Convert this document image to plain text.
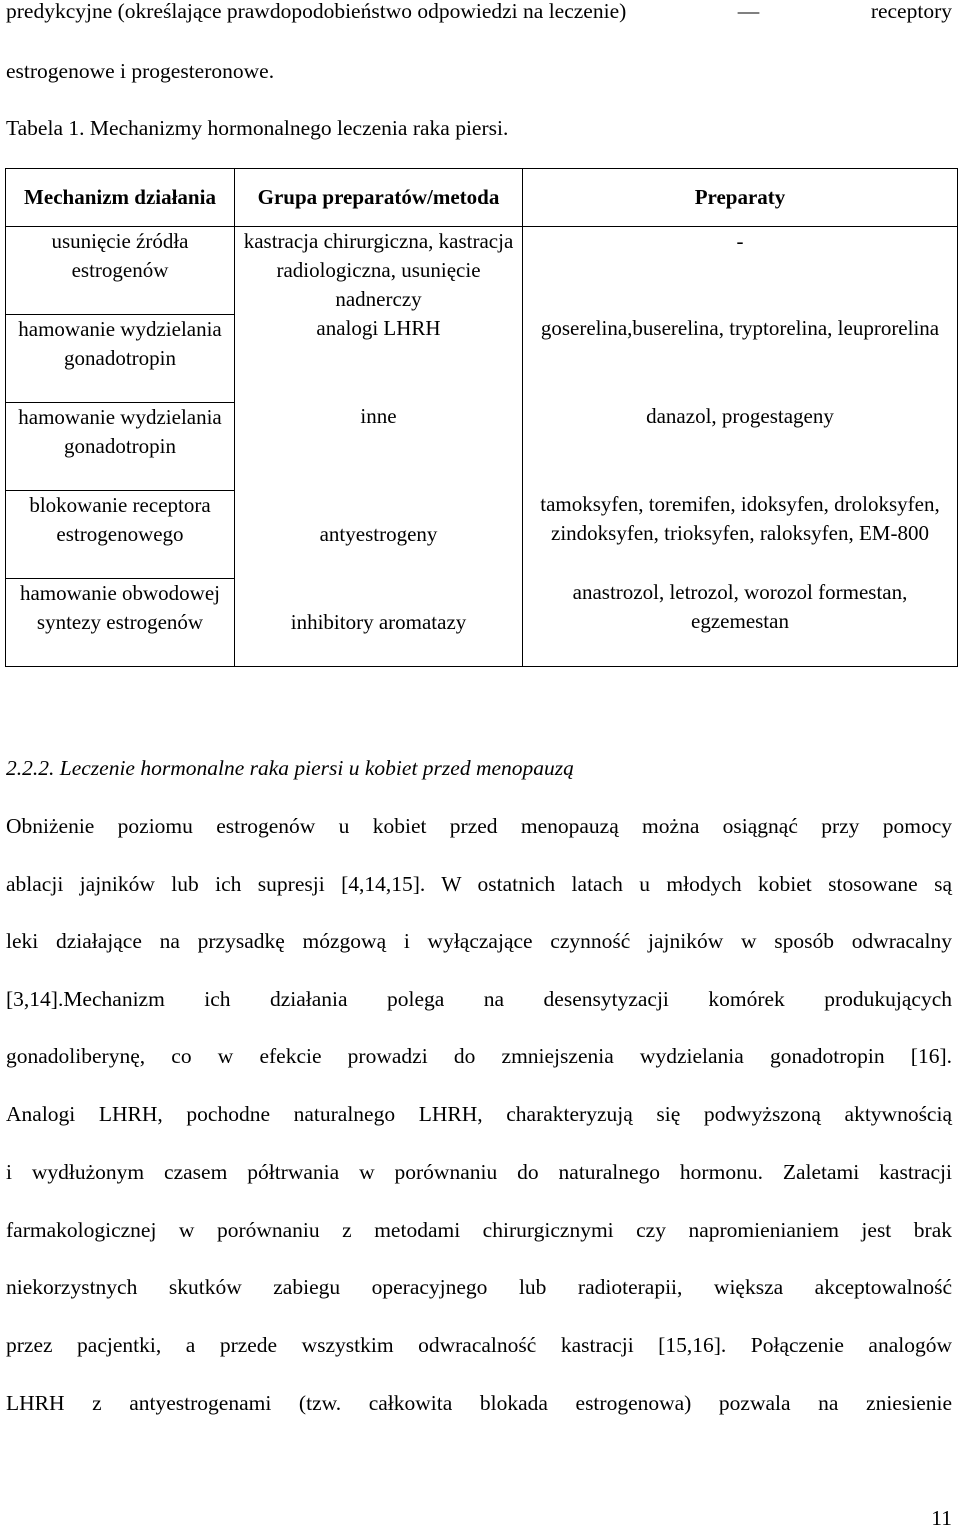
predykcyjne (określające prawdopodobieństwo odpowiedzi na leczenie)	—	receptory
estrogenowe i progesteronowe.
Tabela 1. Mechanizmy hormonalnego leczenia raka piersi.
Mechanizm działania	Grupa preparatów/metoda	Preparaty
usunięcie źródła estrogenów	kastracja chirurgiczna, kastracja radiologiczna, usunięcie nadnerczy	-
hamowanie wydzielania gonadotropin	analogi LHRH	goserelina,buserelina, tryptorelina, leuprorelina
hamowanie wydzielania gonadotropin	inne	danazol, progestageny
blokowanie receptora estrogenowego	antyestrogeny	tamoksyfen, toremifen, idoksyfen, droloksyfen, zindoksyfen, trioksyfen, raloksyfen, EM-800
hamowanie obwodowej syntezy estrogenów	inhibitory aromatazy	anastrozol, letrozol, worozol formestan, egzemestan
2.2.2. Leczenie hormonalne raka piersi u kobiet przed menopauzą
Obniżenie poziomu estrogenów u kobiet przed menopauzą można osiągnąć przy pomocy
ablacji jajników lub ich supresji [4,14,15]. W ostatnich latach u młodych kobiet stosowane są
leki działające na przysadkę mózgową i wyłączające czynność jajników w sposób odwracalny
[3,14].Mechanizm ich działania polega na desensytyzacji komórek produkujących
gonadoliberynę, co w efekcie prowadzi do zmniejszenia wydzielania gonadotropin [16].
Analogi LHRH, pochodne naturalnego LHRH, charakteryzują się podwyższoną aktywnością
i wydłużonym czasem półtrwania w porównaniu do naturalnego hormonu. Zaletami kastracji
farmakologicznej w porównaniu z metodami chirurgicznymi czy napromienianiem jest brak
niekorzystnych skutków zabiegu operacyjnego lub radioterapii, większa akceptowalność
przez pacjentki, a przede wszystkim odwracalność kastracji [15,16]. Połączenie analogów
LHRH z antyestrogenami (tzw. całkowita blokada estrogenowa) pozwala na zniesienie
11
